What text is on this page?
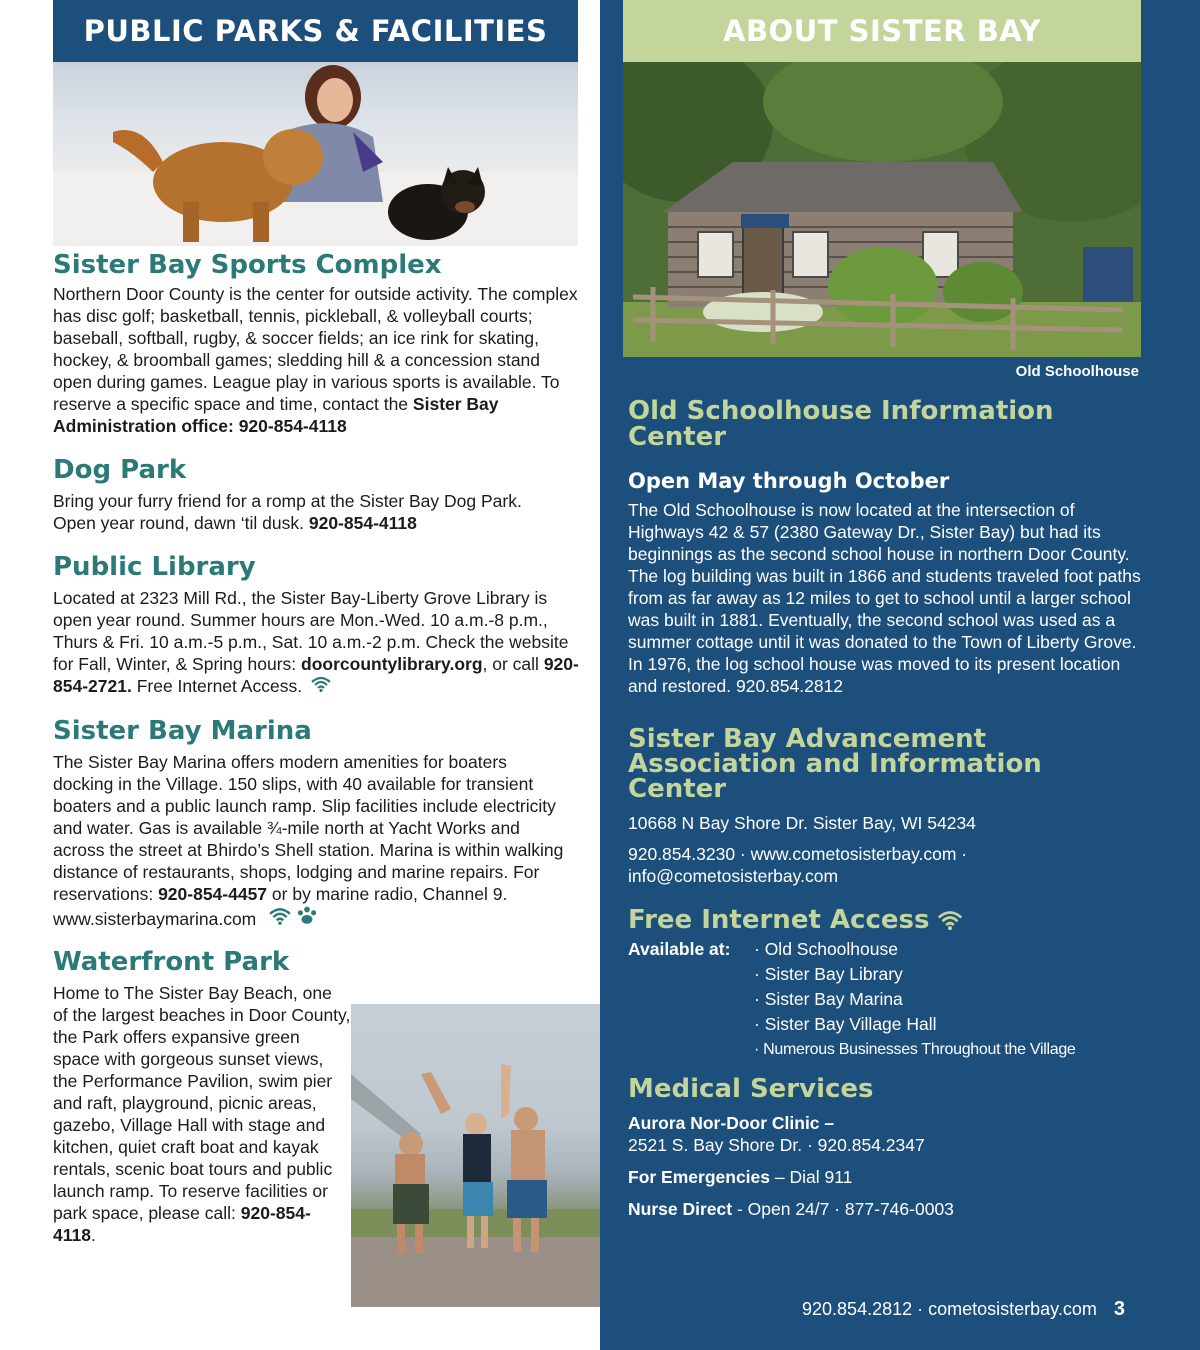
PUBLIC PARKS & FACILITIES
Sister Bay Sports Complex

Northern Door County is the center for outside activity. The complex has disc golf; basketball, tennis, pickleball, & volleyball courts; baseball, softball, rugby, & soccer fields; an ice rink for skating, hockey, & broomball games; sledding hill & a concession stand open during games. League play in various sports is available. To reserve a specific space and time, contact the Sister Bay Administration office: 920-854-4118

Dog Park

Bring your furry friend for a romp at the Sister Bay Dog Park. Open year round, dawn ‘til dusk. 920-854-4118

Public Library

Located at 2323 Mill Rd., the Sister Bay-Liberty Grove Library is open year round. Summer hours are Mon.-Wed. 10 a.m.-8 p.m., Thurs & Fri. 10 a.m.-5 p.m., Sat. 10 a.m.-2 p.m. Check the website for Fall, Winter, & Spring hours: doorcountylibrary.org, or call 920-854-2721. Free Internet Access.

Sister Bay Marina

The Sister Bay Marina offers modern amenities for boaters docking in the Village. 150 slips, with 40 available for transient boaters and a public launch ramp. Slip facilities include electricity and water. Gas is available ¾-mile north at Yacht Works and across the street at Bhirdo’s Shell station. Marina is within walking distance of restaurants, shops, lodging and marine repairs. For reservations: 920-854-4457 or by marine radio, Channel 9. www.sisterbaymarina.com

Waterfront Park

Home to The Sister Bay Beach, one of the largest beaches in Door County, the Park offers expansive green space with gorgeous sunset views, the Performance Pavilion, swim pier and raft, playground, picnic areas, gazebo, Village Hall with stage and kitchen, quiet craft boat and kayak rentals, scenic boat tours and public launch ramp. To reserve facilities or park space, please call: 920-854-4118.

ABOUT SISTER BAY
Old Schoolhouse
Old Schoolhouse Information Center
Open May through October

The Old Schoolhouse is now located at the intersection of Highways 42 & 57 (2380 Gateway Dr., Sister Bay) but had its beginnings as the second school house in northern Door County. The log building was built in 1866 and students traveled foot paths from as far away as 12 miles to get to school until a larger school was built in 1881. Eventually, the second school was used as a summer cottage until it was donated to the Town of Liberty Grove. In 1976, the log school house was moved to its present location and restored. 920.854.2812

Sister Bay Advancement Association and Information Center

10668 N Bay Shore Dr. Sister Bay, WI 54234

920.854.3230 · www.cometosisterbay.com · info@cometosisterbay.com

Free Internet Access
Available at:	· Old Schoolhouse
· Sister Bay Library
· Sister Bay Marina
· Sister Bay Village Hall
· Numerous Businesses Throughout the Village
Medical Services

Aurora Nor-Door Clinic –
2521 S. Bay Shore Dr. · 920.854.2347

For Emergencies – Dial 911

Nurse Direct - Open 24/7 · 877-746-0003

920.854.2812 · cometosisterbay.com 3
